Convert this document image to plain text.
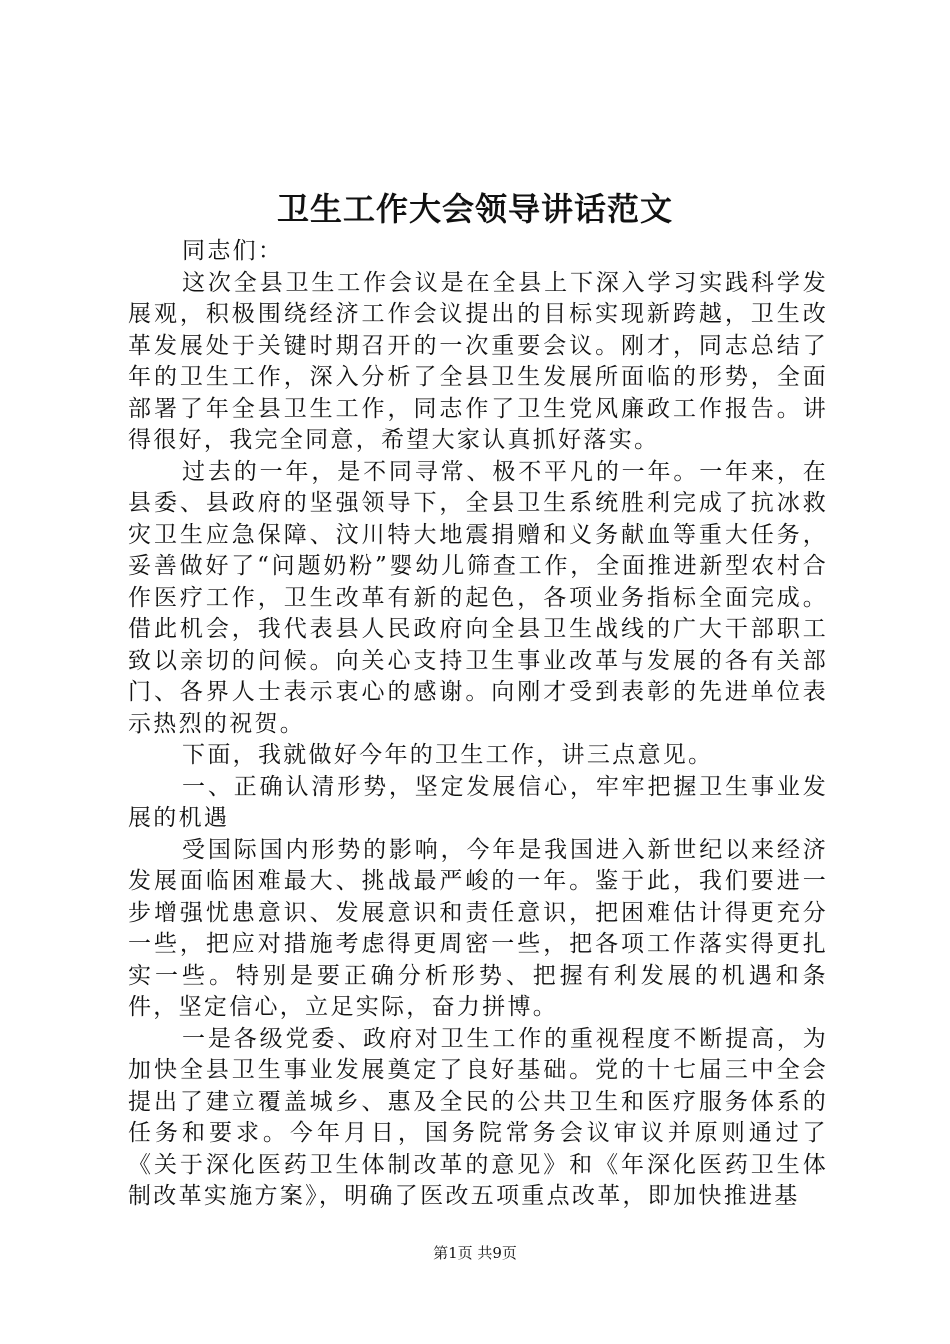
卫生工作大会领导讲话范文

同志们：

这次全县卫生工作会议是在全县上下深入学习实践科学发展观，积极围绕经济工作会议提出的目标实现新跨越，卫生改革发展处于关键时期召开的一次重要会议。刚才，同志总结了年的卫生工作，深入分析了全县卫生发展所面临的形势，全面部署了年全县卫生工作，同志作了卫生党风廉政工作报告。讲得很好，我完全同意，希望大家认真抓好落实。

过去的一年，是不同寻常、极不平凡的一年。一年来，在县委、县政府的坚强领导下，全县卫生系统胜利完成了抗冰救灾卫生应急保障、汶川特大地震捐赠和义务献血等重大任务，妥善做好了“问题奶粉”婴幼儿筛查工作，全面推进新型农村合作医疗工作，卫生改革有新的起色，各项业务指标全面完成。借此机会，我代表县人民政府向全县卫生战线的广大干部职工致以亲切的问候。向关心支持卫生事业改革与发展的各有关部门、各界人士表示衷心的感谢。向刚才受到表彰的先进单位表示热烈的祝贺。

下面，我就做好今年的卫生工作，讲三点意见。

一、正确认清形势，坚定发展信心，牢牢把握卫生事业发展的机遇

受国际国内形势的影响，今年是我国进入新世纪以来经济发展面临困难最大、挑战最严峻的一年。鉴于此，我们要进一步增强忧患意识、发展意识和责任意识，把困难估计得更充分一些，把应对措施考虑得更周密一些，把各项工作落实得更扎实一些。特别是要正确分析形势、把握有利发展的机遇和条件，坚定信心，立足实际，奋力拼博。

一是各级党委、政府对卫生工作的重视程度不断提高，为加快全县卫生事业发展奠定了良好基础。党的十七届三中全会提出了建立覆盖城乡、惠及全民的公共卫生和医疗服务体系的任务和要求。今年月日，国务院常务会议审议并原则通过了《关于深化医药卫生体制改革的意见》和《年深化医药卫生体制改革实施方案》，明确了医改五项重点改革，即加快推进基

第1页 共9页
